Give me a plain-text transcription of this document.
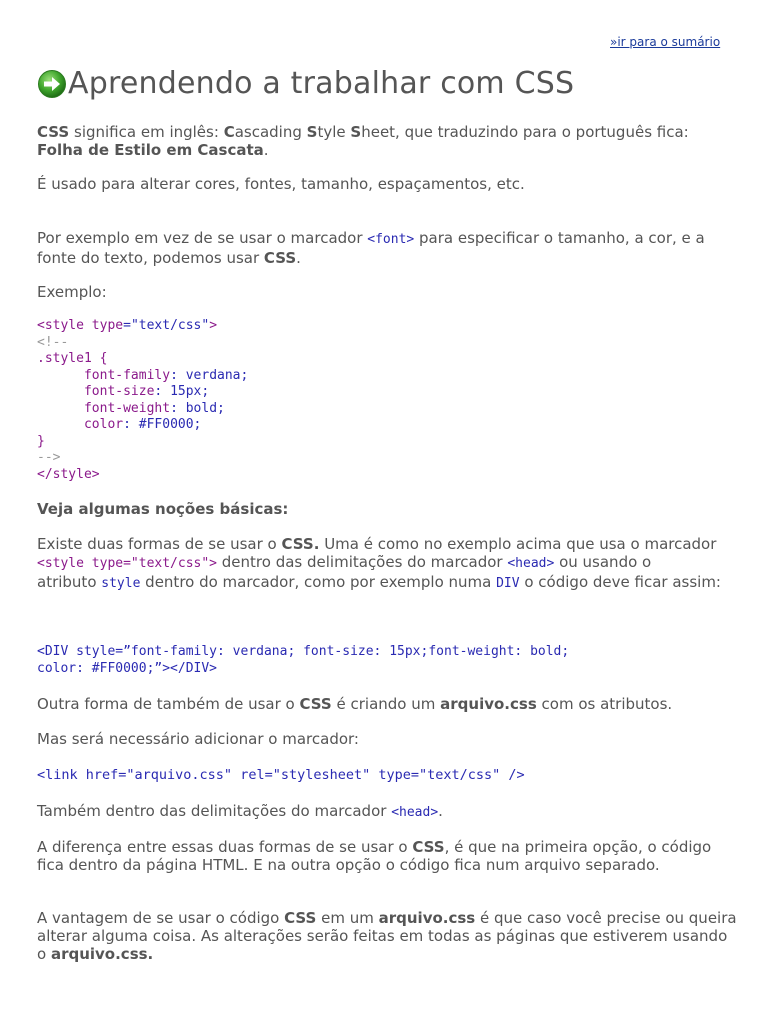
»ir para o sumário
Aprendendo a trabalhar com CSS
CSS significa em inglês: Cascading Style Sheet, que traduzindo para o português fica:
Folha de Estilo em Cascata.
É usado para alterar cores, fontes, tamanho, espaçamentos, etc.
Por exemplo em vez de se usar o marcador <font> para especificar o tamanho, a cor, e a fonte do texto, podemos usar CSS.
Exemplo:
<style type="text/css">
<!--
.style1 {
font-family: verdana;
font-size: 15px;
font-weight: bold;
color: #FF0000;
}
-->
</style>
Veja algumas noções básicas:
Existe duas formas de se usar o CSS. Uma é como no exemplo acima que usa o marcador
<style type="text/css"> dentro das delimitações do marcador <head> ou usando o
atributo style dentro do marcador, como por exemplo numa DIV o código deve ficar assim:
<DIV style=”font-family: verdana; font-size: 15px;font-weight: bold;
color: #FF0000;”></DIV>
Outra forma de também de usar o CSS é criando um arquivo.css com os atributos.
Mas será necessário adicionar o marcador:
<link href="arquivo.css" rel="stylesheet" type="text/css" />
Também dentro das delimitações do marcador <head>.
A diferença entre essas duas formas de se usar o CSS, é que na primeira opção, o código fica dentro da página HTML. E na outra opção o código fica num arquivo separado.
A vantagem de se usar o código CSS em um arquivo.css é que caso você precise ou queira alterar alguma coisa. As alterações serão feitas em todas as páginas que estiverem usando o arquivo.css.
